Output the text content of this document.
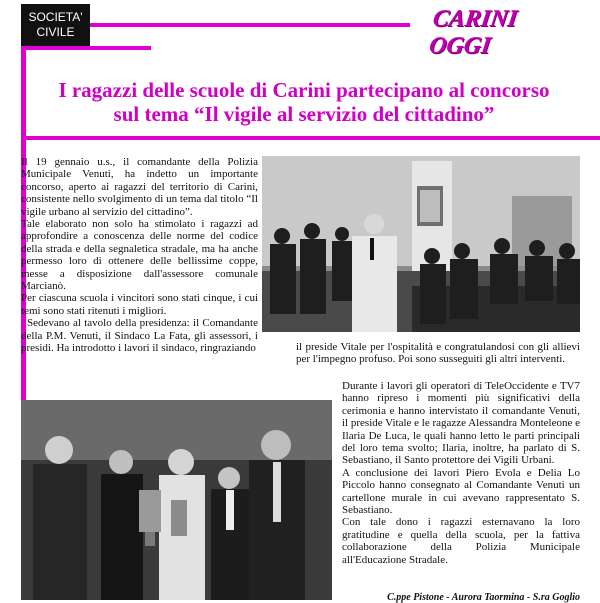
SOCIETA'
CIVILE	CARINI OGGI
I ragazzi delle scuole di Carini partecipano al concorso
sul tema “Il vigile al servizio del cittadino”

Il 19 gennaio u.s., il comandante della Polizia Municipale Venuti, ha indetto un importante concorso, aperto ai ragazzi del territorio di Carini, consistente nello svolgimento di un tema dal titolo “Il vigile urbano al servizio del cittadino”.

Tale elaborato non solo ha stimolato i ragazzi ad approfondire a conoscenza delle norme del codice della strada e della segnaletica stradale, ma ha anche permesso loro di ottenere delle bellissime coppe, messe a disposizione dall'assessore comunale Marcianò.

Per ciascuna scuola i vincitori sono stati cinque, i cui temi sono stati ritenuti i migliori.

Sedevano al tavolo della presidenza: il Comandante della P.M. Venuti, il Sindaco La Fata, gli assessori, i presidi. Ha introdotto i lavori il sindaco, ringraziando	il preside Vitale per l'ospitalità e congratulandosi con gli allievi per l'impegno profuso. Poi sono susseguiti gli altri interventi.

Durante i lavori gli operatori di TeleOccidente e TV7 hanno ripreso i momenti più significativi della cerimonia e hanno intervistato il comandante Venuti, il preside Vitale e le ragazze Alessandra Monteleone e Ilaria De Luca, le quali hanno letto le parti principali del loro tema svolto; Ilaria, inoltre, ha parlato di S. Sebastiano, il Santo protettore dei Vigili Urbani.

A conclusione dei lavori Piero Evola e Delia Lo Piccolo hanno consegnato al Comandante Venuti un cartellone murale in cui avevano rappresentato S. Sebastiano.

Con tale dono i ragazzi esternavano la loro gratitudine e quella della scuola, per la fattiva collaborazione della Polizia Municipale all'Educazione Stradale.

C.ppe Pistone - Aurora Taormina - S.ra Goglio
